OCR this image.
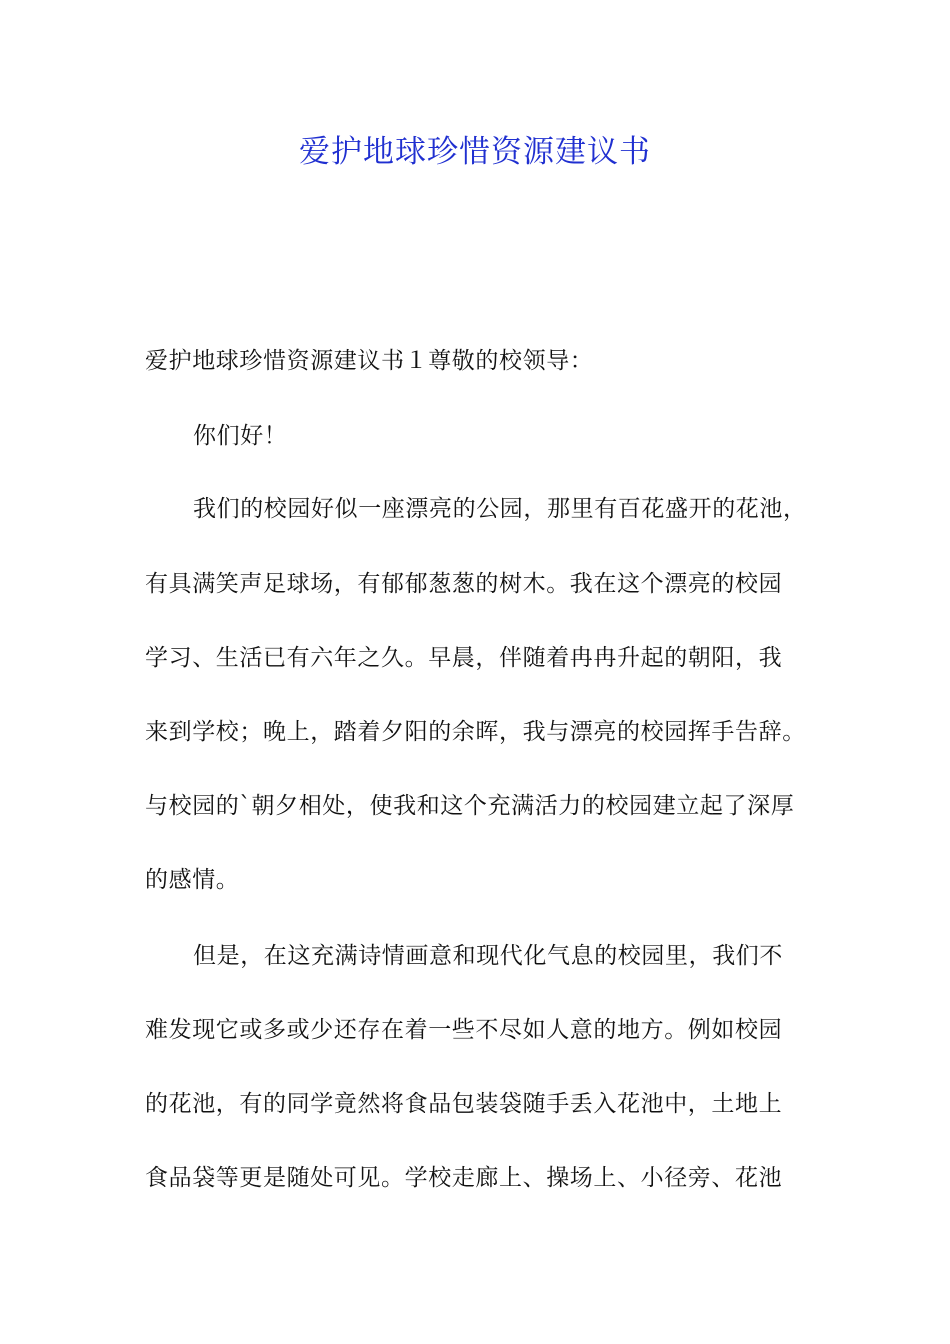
爱护地球珍惜资源建议书
爱护地球珍惜资源建议书１尊敬的校领导：
你们好！
我们的校园好似一座漂亮的公园，那里有百花盛开的花池，
有具满笑声足球场，有郁郁葱葱的树木。我在这个漂亮的校园
学习、生活已有六年之久。早晨，伴随着冉冉升起的朝阳，我
来到学校；晚上，踏着夕阳的余晖，我与漂亮的校园挥手告辞。
与校园的`朝夕相处，使我和这个充满活力的校园建立起了深厚
的感情。
但是，在这充满诗情画意和现代化气息的校园里，我们不
难发现它或多或少还存在着一些不尽如人意的地方。例如校园
的花池，有的同学竟然将食品包装袋随手丢入花池中，土地上
食品袋等更是随处可见。学校走廊上、操场上、小径旁、花池
